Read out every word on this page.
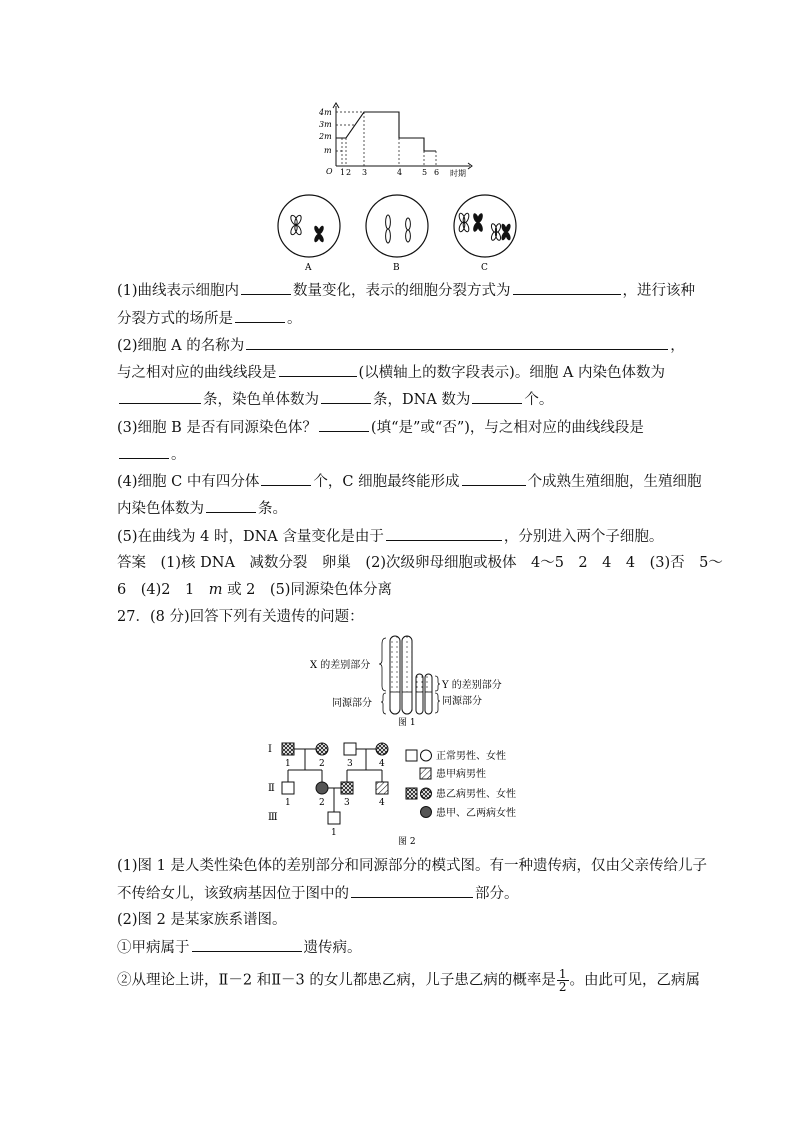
4m
3m
2m
m
O 1 2 3	4 5 6 时期
A	B	C
(1)曲线表示细胞内	数量变化，表示的细胞分裂方式为	，进行该种
分裂方式的场所是	。
(2)细胞 A 的名称为	，
与之相对应的曲线线段是	(以横轴上的数字段表示)。细胞 A 内染色体数为
条，染色单体数为	条，DNA 数为	个。
(3)细胞 B 是否有同源染色体？	(填“是”或“否”)，与之相对应的曲线线段是
。
(4)细胞 C 中有四分体	个，C 细胞最终能形成	个成熟生殖细胞，生殖细胞
内染色体数为	条。
(5)在曲线为 4 时，DNA 含量变化是由于	，分别进入两个子细胞。
答案　(1)核 DNA　减数分裂　卵巢　(2)次级卵母细胞或极体　4～5　2　4　4　(3)否　5～
6　(4)2　1　m 或 2　(5)同源染色体分离
27．(8 分)回答下列有关遗传的问题：
X 的差别部分
同源部分
Y 的差别部分
同源部分
图 1
Ⅰ
Ⅱ
Ⅲ
1	2 3	4
1	2 3	4
1
正常男性、女性
患甲病男性
患乙病男性、女性
患甲、乙两病女性
图 2
(1)图 1 是人类性染色体的差别部分和同源部分的模式图。有一种遗传病，仅由父亲传给儿子
不传给女儿，该致病基因位于图中的	部分。
(2)图 2 是某家族系谱图。
①甲病属于	遗传病。
②从理论上讲，Ⅱ－2 和Ⅱ－3 的女儿都患乙病，儿子患乙病的概率是 $\frac{1}{2}$ 。由此可见，乙病属
